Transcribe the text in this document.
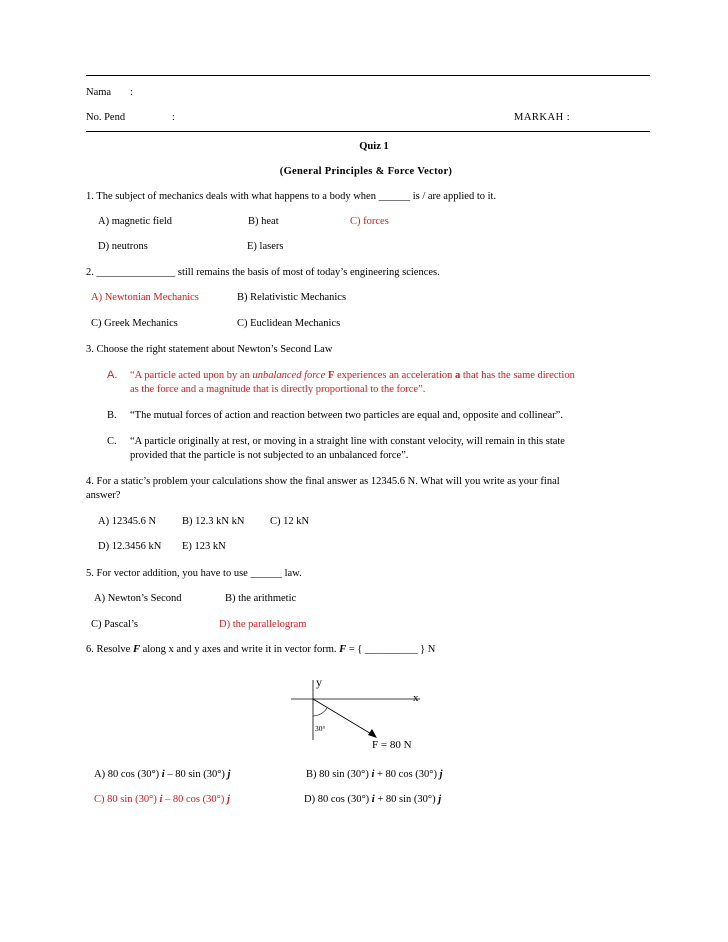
Nama :
No. Pend	:	MARKAH :
Quiz 1
(General Principles & Force Vector)
1. The subject of mechanics deals with what happens to a body when ______ is / are applied to it.
A) magnetic field	B) heat	C) forces
D) neutrons	E) lasers
2. _______________ still remains the basis of most of today’s engineering sciences.
A) Newtonian Mechanics	B) Relativistic Mechanics
C) Greek Mechanics	C) Euclidean Mechanics
3. Choose the right statement about Newton’s Second Law
A. “A particle acted upon by an unbalanced force F experiences an acceleration a that has the same direction
as the force and a magnitude that is directly proportional to the force”.
B. “The mutual forces of action and reaction between two particles are equal and, opposite and collinear”.
C. “A particle originally at rest, or moving in a straight line with constant velocity, will remain in this state
provided that the particle is not subjected to an unbalanced force”.
4. For a static’s problem your calculations show the final answer as 12345.6 N. What will you write as your final
answer?
A) 12345.6 N B) 12.3 kN kN C) 12 kN
D) 12.3456 kN E) 123 kN
5. For vector addition, you have to use ______ law.
A) Newton’s Second	B) the arithmetic
C) Pascal’s	D) the parallelogram
6. Resolve F along x and y axes and write it in vector form. F = { __________ } N
y
x
30°
F = 80 N
A) 80 cos (30°) i – 80 sin (30°) j	B) 80 sin (30°) i + 80 cos (30°) j
C) 80 sin (30°) i – 80 cos (30°) j	D) 80 cos (30°) i + 80 sin (30°) j
